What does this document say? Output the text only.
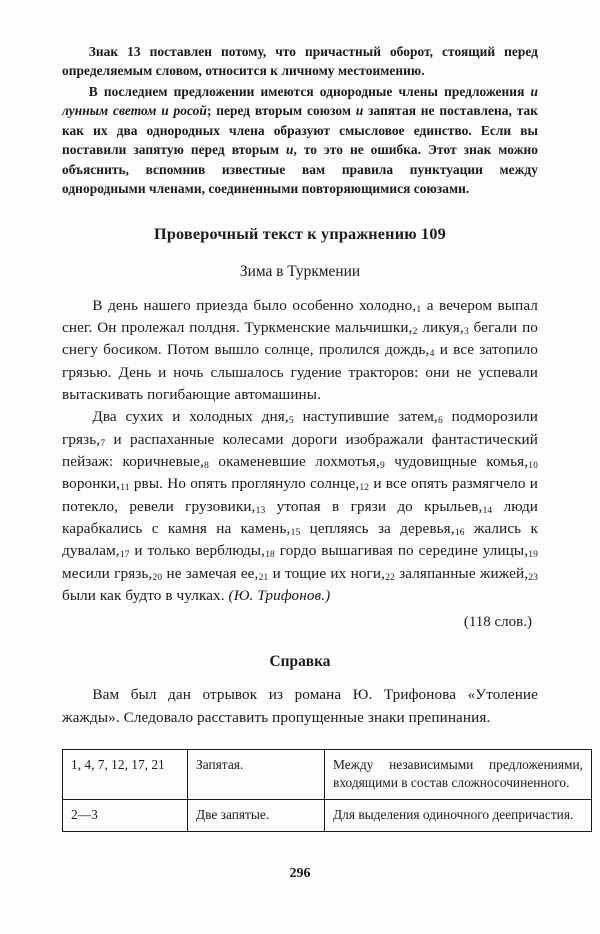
Знак 13 поставлен потому, что причастный оборот, стоящий перед определяемым словом, относится к личному местоимению.

В последнем предложении имеются однородные члены предложения и лунным светом и росой; перед вторым союзом и запятая не поставлена, так как их два однородных члена образуют смысловое единство. Если вы поставили запятую перед вторым и, то это не ошибка. Этот знак можно объяснить, вспомнив известные вам правила пунктуации между однородными членами, соединенными повторяющимися союзами.

Проверочный текст к упражнению 109
Зима в Туркмении

В день нашего приезда было особенно $холодно,_1$ а вечером выпал снег. Он пролежал полдня. Туркменские $мальчишки,_2$ $ликуя,_3$ бегали по снегу босиком. Потом вышло солнце, пролился $дождь,_4$ и все затопило грязью. День и ночь слышалось гудение тракторов: они не успевали вытаскивать погибающие автомашины.

Два сухих и холодных $дня,_5$ наступившие $затем,_6$ подморозили $грязь,_7$ и распаханные колесами дороги изображали фантастический пейзаж: $коричневые,_8$ окаменевшие $лохмотья,_9$ чудовищные $комья,_{10}$ $воронки,_{11}$ рвы. Но опять проглянуло $солнце,_{12}$ и все опять размягчело и потекло, ревели $грузовики,_{13}$ утопая в грязи до $крыльев,_{14}$ люди карабкались с камня на $камень,_{15}$ цепляясь за $деревья,_{16}$ жались к $дувалам,_{17}$ и только $верблюды,_{18}$ гордо вышагивая по середине $улицы,_{19}$ месили $грязь,_{20}$ не замечая $ее,_{21}$ и тощие их $ноги,_{22}$ заляпанные $жижей,_{23}$ были как будто в чулках. (Ю. Трифонов.)

(118 слов.)
Справка

Вам был дан отрывок из романа Ю. Трифонова «Утоление жажды». Следовало расставить пропущенные знаки препинания.

1, 4, 7, 12, 17, 21	Запятая.	Между независимыми предложениями, входящими в состав сложносочиненного.
2—3	Две запятые.	Для выделения одиночного деепричастия.
296
